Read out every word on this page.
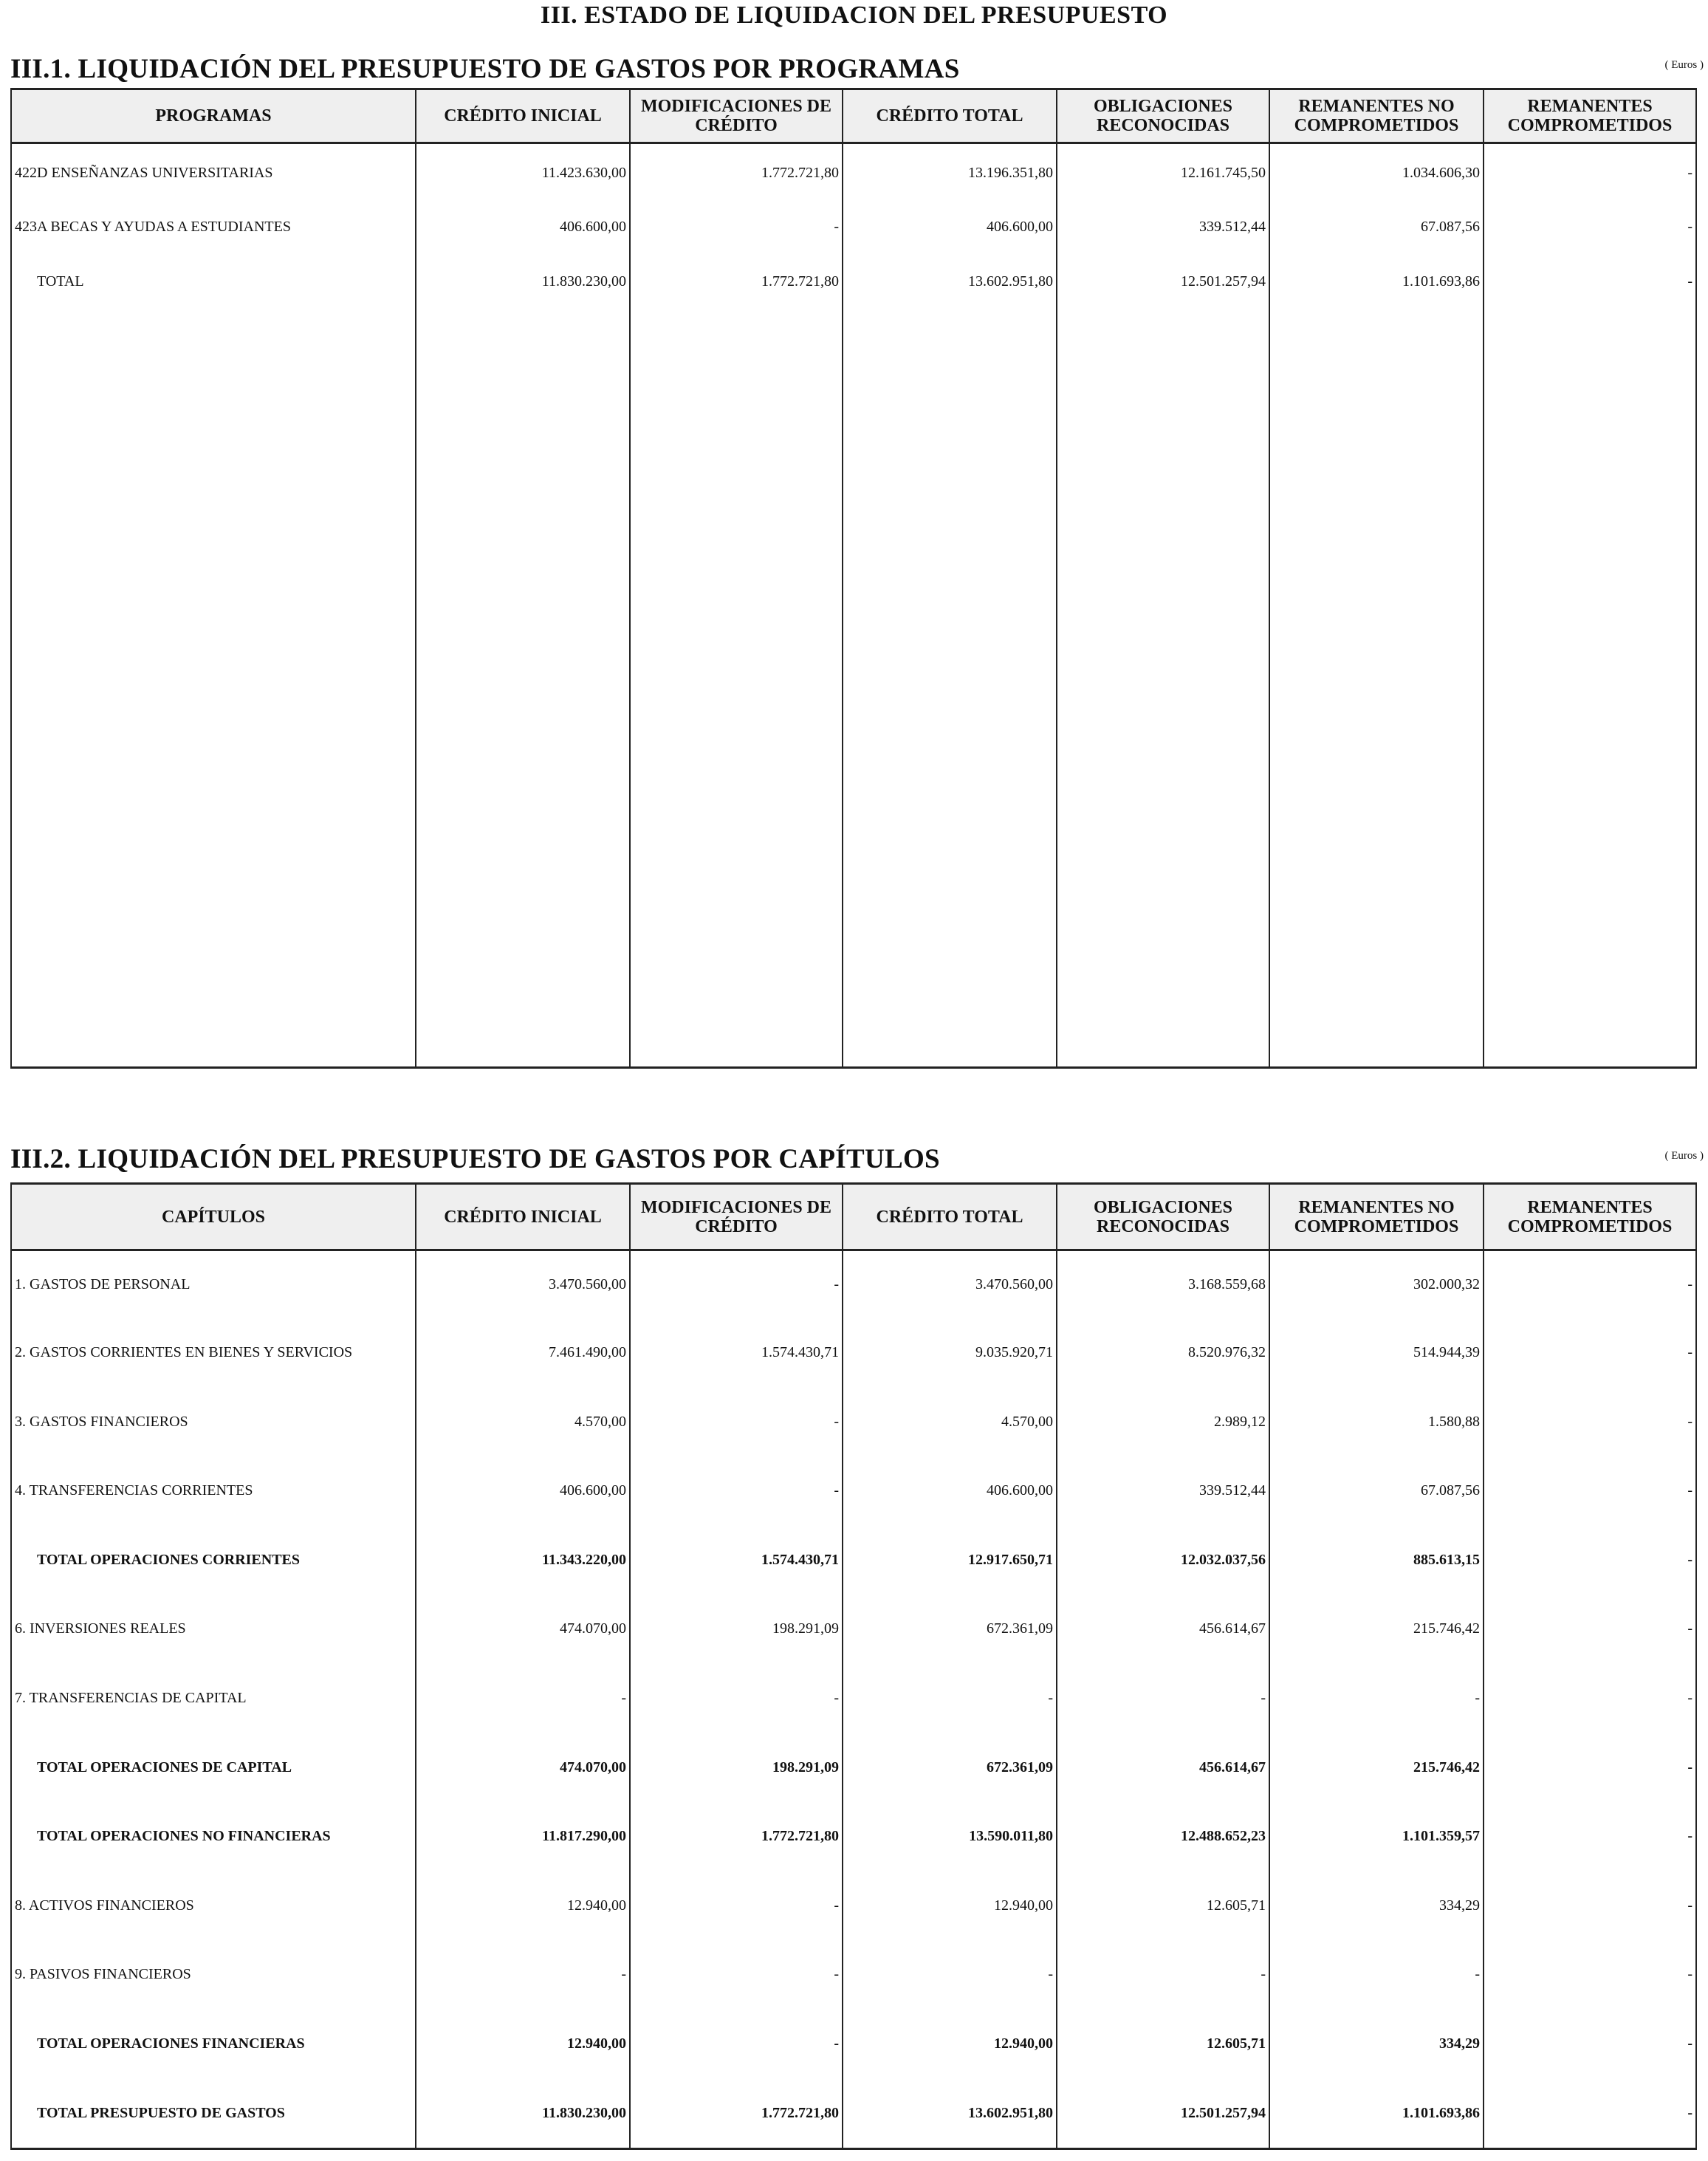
III. ESTADO DE LIQUIDACION DEL PRESUPUESTO
III.1. LIQUIDACIÓN DEL PRESUPUESTO DE GASTOS POR PROGRAMAS	( Euros )
PROGRAMAS	CRÉDITO INICIAL	MODIFICACIONES DE CRÉDITO	CRÉDITO TOTAL	OBLIGACIONES RECONOCIDAS	REMANENTES NO COMPROMETIDOS	REMANENTES COMPROMETIDOS
422D ENSEÑANZAS UNIVERSITARIAS	11.423.630,00	1.772.721,80	13.196.351,80	12.161.745,50	1.034.606,30	-
423A BECAS Y AYUDAS A ESTUDIANTES	406.600,00	-	406.600,00	339.512,44	67.087,56	-
TOTAL	11.830.230,00	1.772.721,80	13.602.951,80	12.501.257,94	1.101.693,86	-

III.2. LIQUIDACIÓN DEL PRESUPUESTO DE GASTOS POR CAPÍTULOS	( Euros )
CAPÍTULOS	CRÉDITO INICIAL	MODIFICACIONES DE CRÉDITO	CRÉDITO TOTAL	OBLIGACIONES RECONOCIDAS	REMANENTES NO COMPROMETIDOS	REMANENTES COMPROMETIDOS
1. GASTOS DE PERSONAL	3.470.560,00	-	3.470.560,00	3.168.559,68	302.000,32	-
2. GASTOS CORRIENTES EN BIENES Y SERVICIOS	7.461.490,00	1.574.430,71	9.035.920,71	8.520.976,32	514.944,39	-
3. GASTOS FINANCIEROS	4.570,00	-	4.570,00	2.989,12	1.580,88	-
4. TRANSFERENCIAS CORRIENTES	406.600,00	-	406.600,00	339.512,44	67.087,56	-
TOTAL OPERACIONES CORRIENTES	11.343.220,00	1.574.430,71	12.917.650,71	12.032.037,56	885.613,15	-
6. INVERSIONES REALES	474.070,00	198.291,09	672.361,09	456.614,67	215.746,42	-
7. TRANSFERENCIAS DE CAPITAL	-	-	-	-	-	-
TOTAL OPERACIONES DE CAPITAL	474.070,00	198.291,09	672.361,09	456.614,67	215.746,42	-
TOTAL OPERACIONES NO FINANCIERAS	11.817.290,00	1.772.721,80	13.590.011,80	12.488.652,23	1.101.359,57	-
8. ACTIVOS FINANCIEROS	12.940,00	-	12.940,00	12.605,71	334,29	-
9. PASIVOS FINANCIEROS	-	-	-	-	-	-
TOTAL OPERACIONES FINANCIERAS	12.940,00	-	12.940,00	12.605,71	334,29	-
TOTAL PRESUPUESTO DE GASTOS	11.830.230,00	1.772.721,80	13.602.951,80	12.501.257,94	1.101.693,86	-
